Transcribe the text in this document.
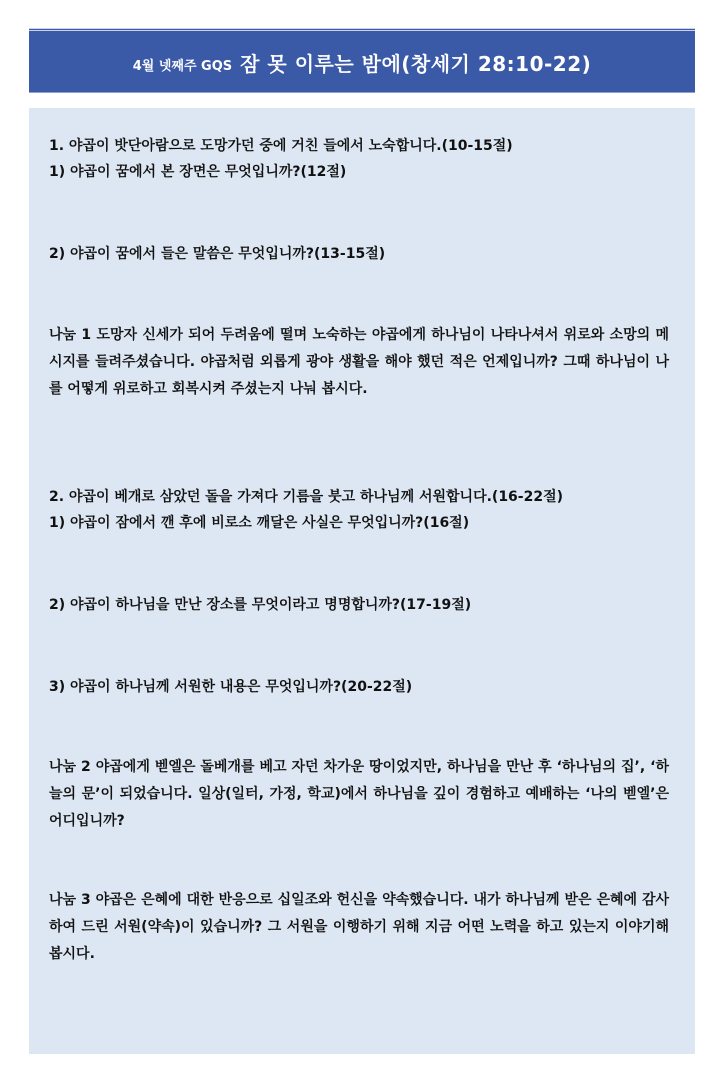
4월 넷째주 GQS 잠 못 이루는 밤에(창세기 28:10-22)
1. 야곱이 밧단아람으로 도망가던 중에 거친 들에서 노숙합니다.(10-15절)
1) 야곱이 꿈에서 본 장면은 무엇입니까?(12절)
2) 야곱이 꿈에서 들은 말씀은 무엇입니까?(13-15절)
나눔 1 도망자 신세가 되어 두려움에 떨며 노숙하는 야곱에게 하나님이 나타나셔서 위로와 소망의 메시지를 들려주셨습니다. 야곱처럼 외롭게 광야 생활을 해야 했던 적은 언제입니까? 그때 하나님이 나를 어떻게 위로하고 회복시켜 주셨는지 나눠 봅시다.
2. 야곱이 베개로 삼았던 돌을 가져다 기름을 붓고 하나님께 서원합니다.(16-22절)
1) 야곱이 잠에서 깬 후에 비로소 깨달은 사실은 무엇입니까?(16절)
2) 야곱이 하나님을 만난 장소를 무엇이라고 명명합니까?(17-19절)
3) 야곱이 하나님께 서원한 내용은 무엇입니까?(20-22절)
나눔 2 야곱에게 벧엘은 돌베개를 베고 자던 차가운 땅이었지만, 하나님을 만난 후 ‘하나님의 집’, ‘하늘의 문’이 되었습니다. 일상(일터, 가정, 학교)에서 하나님을 깊이 경험하고 예배하는 ‘나의 벧엘’은 어디입니까?
나눔 3 야곱은 은혜에 대한 반응으로 십일조와 헌신을 약속했습니다. 내가 하나님께 받은 은혜에 감사하여 드린 서원(약속)이 있습니까? 그 서원을 이행하기 위해 지금 어떤 노력을 하고 있는지 이야기해 봅시다.
